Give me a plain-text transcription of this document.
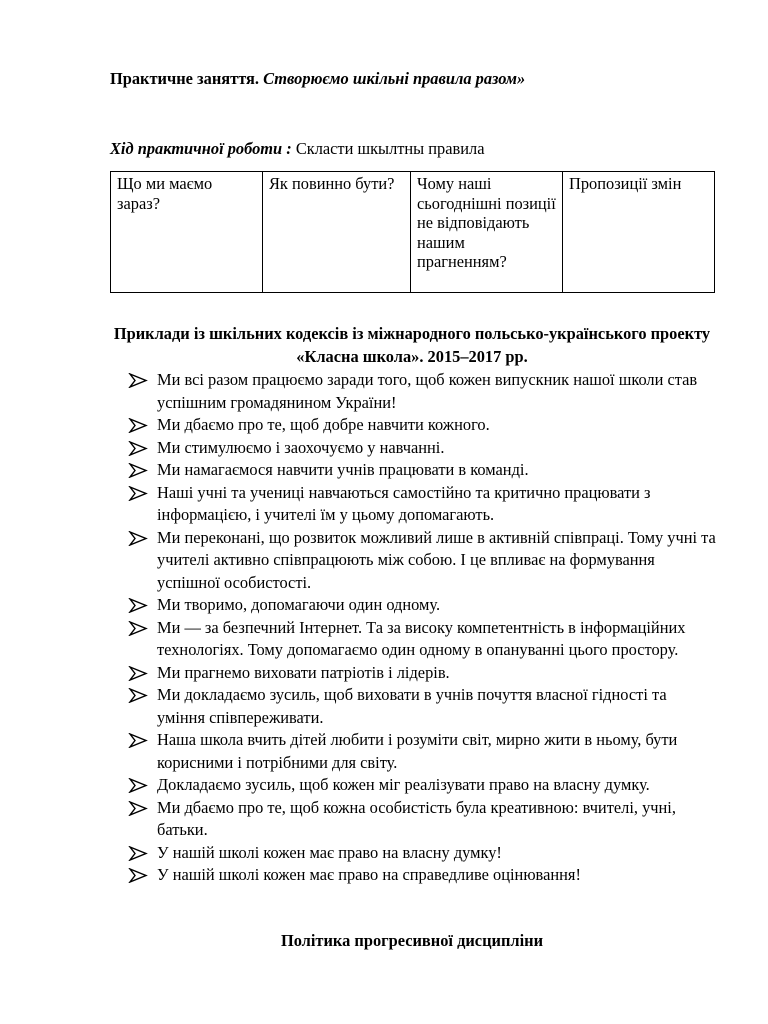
Практичне заняття. Створюємо шкільні правила разом»
Хід практичної роботи : Склaсти шкылтны правила
Що ми маємо зараз?	Як повинно бути?	Чому наші сьогоднішні позиції не відповідають нашим прагненням?	Пропозиції змін
Приклади із шкільних кодексів із міжнародного польсько-українського проекту «Класна школа». 2015–2017 рр.
Ми всі разом працюємо заради того, щоб кожен випускник нашої школи став успішним громадянином України!
Ми дбаємо про те, щоб добре навчити кожного.
Ми стимулюємо і заохочуємо у навчанні.
Ми намагаємося навчити учнів працювати в команді.
Наші учні та учениці навчаються самостійно та критично працювати з інформацією, і учителі їм у цьому допомагають.
Ми переконані, що розвиток можливий лише в активній співпраці. Тому учні та учителі активно співпрацюють між собою. І це впливає на формування успішної особистості.
Ми творимо, допомагаючи один одному.
Ми — за безпечний Інтернет. Та за високу компетентність в інформаційних технологіях. Тому допомагаємо один одному в опануванні цього простору.
Ми прагнемо виховати патріотів і лідерів.
Ми докладаємо зусиль, щоб виховати в учнів почуття власної гідності та уміння співпереживати.
Наша школа вчить дітей любити і розуміти світ, мирно жити в ньому, бути корисними і потрібними для світу.
Докладаємо зусиль, щоб кожен міг реалізувати право на власну думку.
Ми дбаємо про те, щоб кожна особистість була креативною: вчителі, учні, батьки.
У нашій школі кожен має право на власну думку!
У нашій школі кожен має право на справедливе оцінювання!
Політика прогресивної дисципліни
